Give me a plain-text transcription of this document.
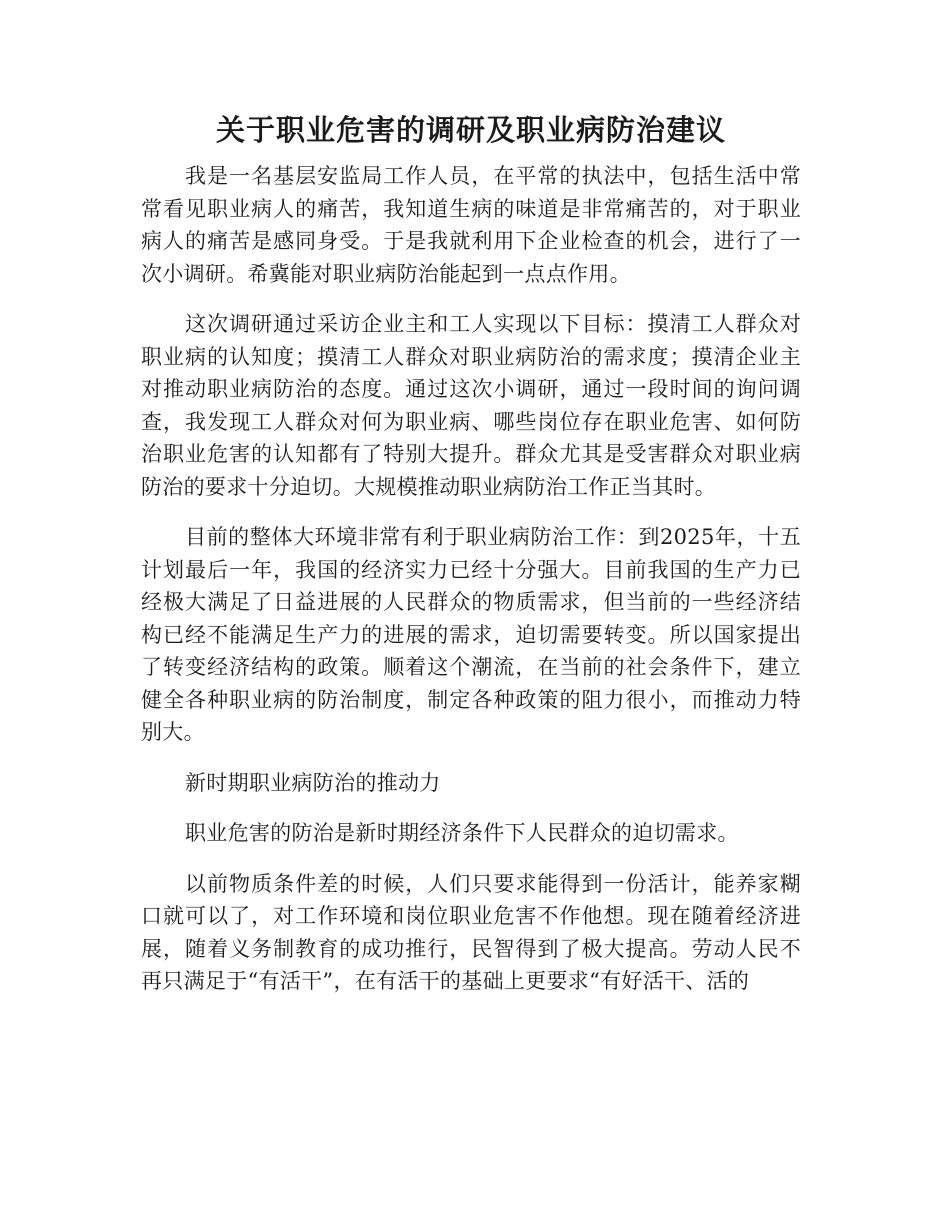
关于职业危害的调研及职业病防治建议

我是一名基层安监局工作人员，在平常的执法中，包括生活中常常看见职业病人的痛苦，我知道生病的味道是非常痛苦的，对于职业病人的痛苦是感同身受。于是我就利用下企业检查的机会，进行了一次小调研。希冀能对职业病防治能起到一点点作用。

这次调研通过采访企业主和工人实现以下目标：摸清工人群众对职业病的认知度；摸清工人群众对职业病防治的需求度；摸清企业主对推动职业病防治的态度。通过这次小调研，通过一段时间的询问调查，我发现工人群众对何为职业病、哪些岗位存在职业危害、如何防治职业危害的认知都有了特别大提升。群众尤其是受害群众对职业病防治的要求十分迫切。大规模推动职业病防治工作正当其时。

目前的整体大环境非常有利于职业病防治工作：到2025年，十五计划最后一年，我国的经济实力已经十分强大。目前我国的生产力已经极大满足了日益进展的人民群众的物质需求，但当前的一些经济结构已经不能满足生产力的进展的需求，迫切需要转变。所以国家提出了转变经济结构的政策。顺着这个潮流，在当前的社会条件下，建立健全各种职业病的防治制度，制定各种政策的阻力很小，而推动力特别大。

新时期职业病防治的推动力

职业危害的防治是新时期经济条件下人民群众的迫切需求。

以前物质条件差的时候，人们只要求能得到一份活计，能养家糊口就可以了，对工作环境和岗位职业危害不作他想。现在随着经济进展，随着义务制教育的成功推行，民智得到了极大提高。劳动人民不再只满足于“有活干”，在有活干的基础上更要求“有好活干、活的
